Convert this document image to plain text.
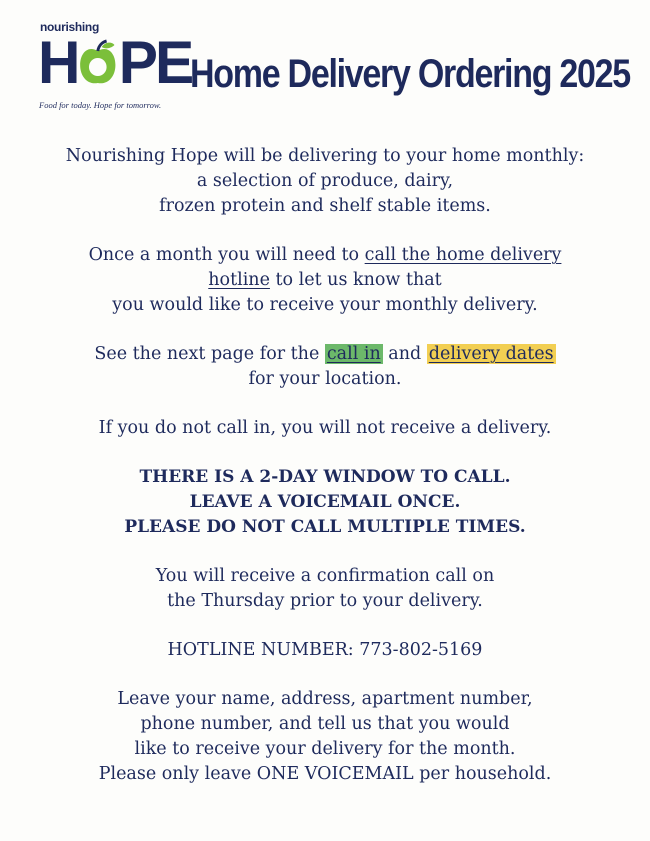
nourishing
H PE
Food for today. Hope for tomorrow.
Home Delivery Ordering 2025

Nourishing Hope will be delivering to your home monthly:
a selection of produce, dairy,
frozen protein and shelf stable items.

Once a month you will need to call the home delivery
hotline to let us know that
you would like to receive your monthly delivery.

See the next page for the call in and delivery dates
for your location.

If you do not call in, you will not receive a delivery.

THERE IS A 2-DAY WINDOW TO CALL.
LEAVE A VOICEMAIL ONCE.
PLEASE DO NOT CALL MULTIPLE TIMES.

You will receive a confirmation call on
the Thursday prior to your delivery.

HOTLINE NUMBER: 773-802-5169

Leave your name, address, apartment number,
phone number, and tell us that you would
like to receive your delivery for the month.
Please only leave ONE VOICEMAIL per household.
